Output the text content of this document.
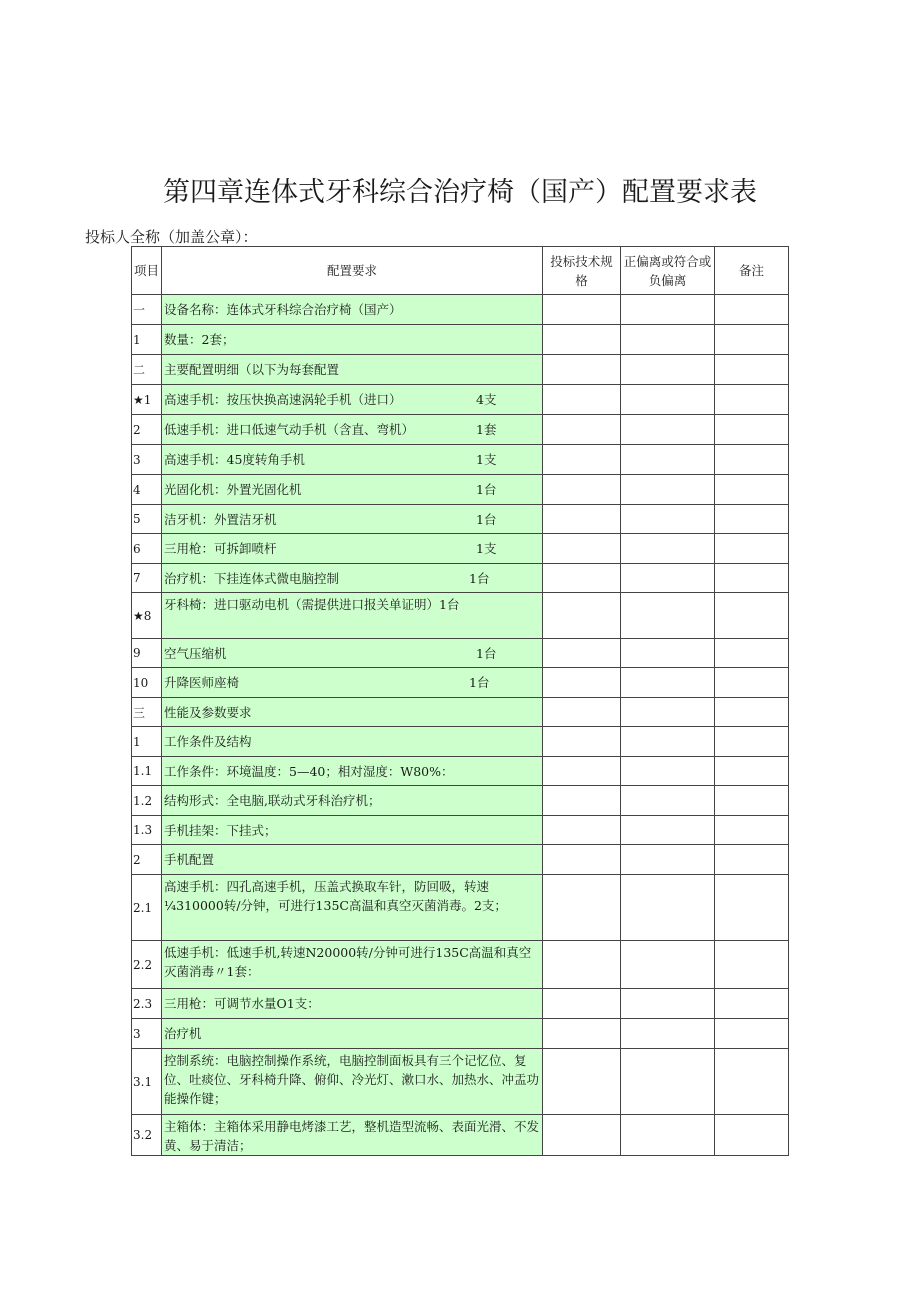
第四章连体式牙科综合治疗椅（国产）配置要求表
投标人全称（加盖公章）：
项目	配置要求	投标技术规格	正偏离或符合或负偏离	备注
一	设备名称：连体式牙科综合治疗椅（国产）			
1	数量：2套；			
二	主要配置明细（以下为每套配置			
★1	高速手机：按压快换高速涡轮手机（进口） 4支			

2	低速手机：进口低速气动手机（含直、弯机） 1套			

3	高速手机：45度转角手机 1支			

4	光固化机：外置光固化机 1台			

5	洁牙机：外置洁牙机 1台			

6	三用枪：可拆卸喷杆 1支			

7	治疗机：下挂连体式微电脑控制 1台			

★8	牙科椅：进口驱动电机（需提供进口报关单证明）1台			
9	空气压缩机 1台			

10	升降医师座椅 1台			

三	性能及参数要求			
1	工作条件及结构			
1.1	工作条件：环境温度：5—40；相对湿度：W80%：			
1.2	结构形式：全电脑,联动式牙科治疗机；			
1.3	手机挂架：下挂式；			
2	手机配置			
2.1	高速手机：四孔高速手机，压盖式换取车针，防回吸，转速¼310000转/分钟，可进行135C高温和真空灭菌消毒。2支；			
2.2	低速手机：低速手机,转速N20000转/分钟可进行135C高温和真空灭菌消毒〃1套：			
2.3	三用枪：可调节水量O1支：			
3	治疗机			
3.1	控制系统：电脑控制操作系统，电脑控制面板具有三个记忆位、复位、吐痰位、牙科椅升降、俯仰、冷光灯、漱口水、加热水、冲盂功能操作键；			
3.2	主箱体：主箱体采用静电烤漆工艺，整机造型流畅、表面光滑、不发黄、易于清洁；			
